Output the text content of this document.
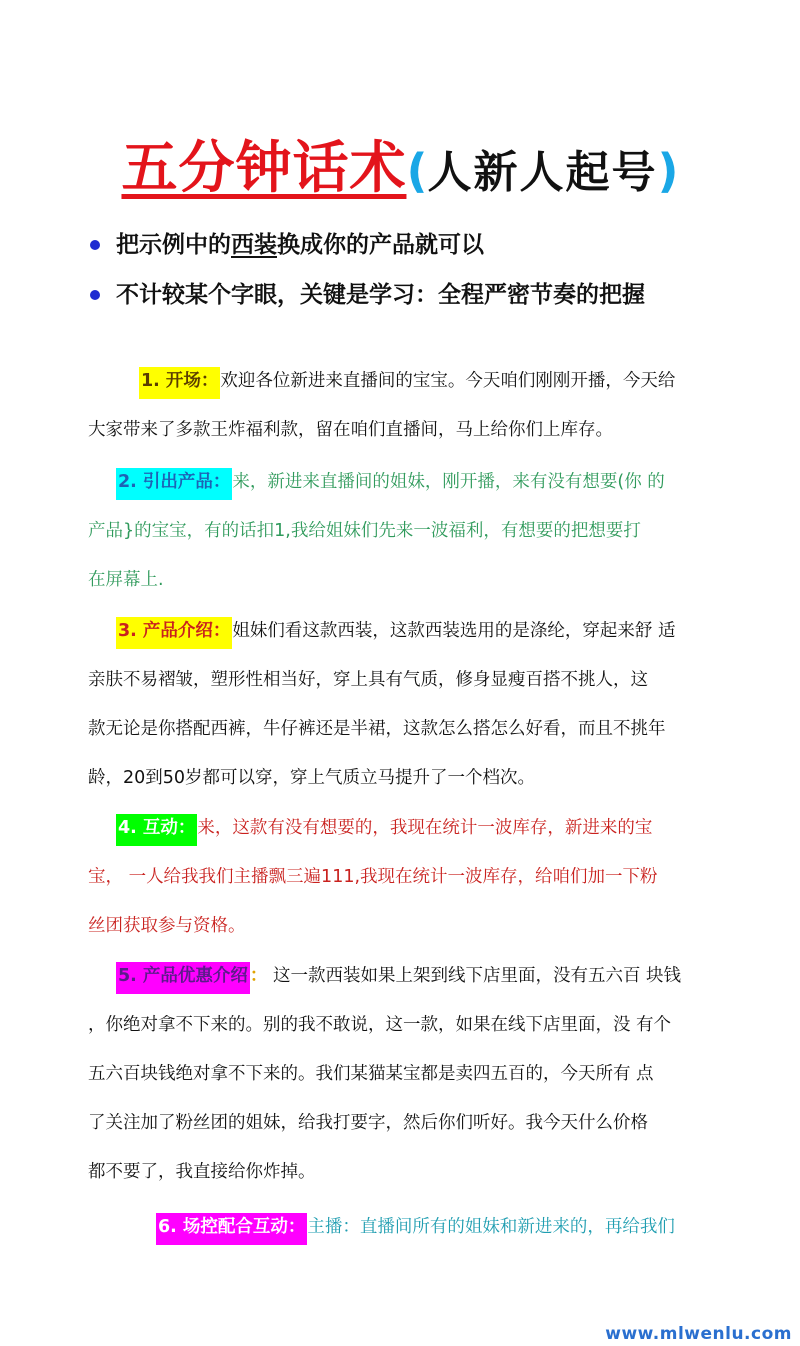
五分钟话术(人新人起号)
把示例中的西装换成你的产品就可以
不计较某个字眼，关键是学习：全程严密节奏的把握
1. 开场： 欢迎各位新进来直播间的宝宝。今天咱们刚刚开播，今天给
大家带来了多款王炸福利款，留在咱们直播间，马上给你们上库存。
2. 引出产品： 来，新进来直播间的姐妹，刚开播，来有没有想要(你 的
产品}的宝宝，有的话扣1,我给姐妹们先来一波福利，有想要的把想要打
在屏幕上.
3. 产品介绍： 姐妹们看这款西装，这款西装选用的是涤纶，穿起来舒 适
亲肤不易褶皱，塑形性相当好，穿上具有气质，修身显瘦百搭不挑人，这
款无论是你搭配西裤，牛仔裤还是半裙，这款怎么搭怎么好看，而且不挑年
龄，20到50岁都可以穿，穿上气质立马提升了一个档次。
4. 互动： 来，这款有没有想要的，我现在统计一波库存，新进来的宝
宝， 一人给我我们主播飘三遍111,我现在统计一波库存，给咱们加一下粉
丝团获取参与资格。
5. 产品优惠介绍 ： 这一款西装如果上架到线下店里面，没有五六百 块钱
，你绝对拿不下来的。别的我不敢说，这一款，如果在线下店里面，没 有个
五六百块钱绝对拿不下来的。我们某猫某宝都是卖四五百的，今天所有 点
了关注加了粉丝团的姐妹，给我打要字，然后你们听好。我今天什么价格
都不要了，我直接给你炸掉。
6. 场控配合互动： 主播：直播间所有的姐妹和新进来的，再给我们
www.mlwenlu.com
